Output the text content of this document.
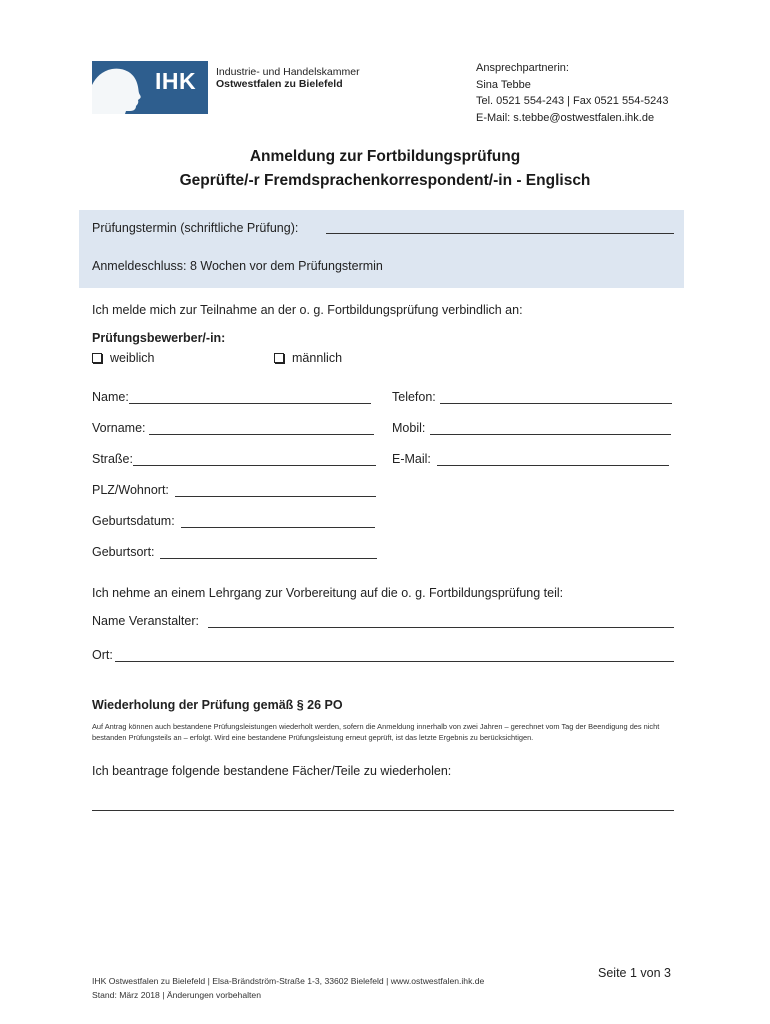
IHK Industrie- und Handelskammer
Ostwestfalen zu Bielefeld
Ansprechpartnerin:
Sina Tebbe
Tel. 0521 554-243 | Fax 0521 554-5243
E-Mail: s.tebbe@ostwestfalen.ihk.de
Anmeldung zur Fortbildungsprüfung
Geprüfte/-r Fremdsprachenkorrespondent/-in - Englisch
Prüfungstermin (schriftliche Prüfung):
Anmeldeschluss: 8 Wochen vor dem Prüfungstermin
Ich melde mich zur Teilnahme an der o. g. Fortbildungsprüfung verbindlich an:
Prüfungsbewerber/-in:
weiblich	männlich
Name:
Vorname:
Straße:
PLZ/Wohnort:
Geburtsdatum:
Geburtsort:
Telefon:
Mobil:
E-Mail:
Ich nehme an einem Lehrgang zur Vorbereitung auf die o. g. Fortbildungsprüfung teil:
Name Veranstalter:
Ort:
Wiederholung der Prüfung gemäß § 26 PO
Auf Antrag können auch bestandene Prüfungsleistungen wiederholt werden, sofern die Anmeldung innerhalb von zwei Jahren – gerechnet vom Tag der Beendigung des nicht bestanden Prüfungsteils an – erfolgt. Wird eine bestandene Prüfungsleistung erneut geprüft, ist das letzte Ergebnis zu berücksichtigen.
Ich beantrage folgende bestandene Fächer/Teile zu wiederholen:
IHK Ostwestfalen zu Bielefeld | Elsa-Brändström-Straße 1-3, 33602 Bielefeld | www.ostwestfalen.ihk.de
Stand: März 2018 | Änderungen vorbehalten
Seite 1 von 3
